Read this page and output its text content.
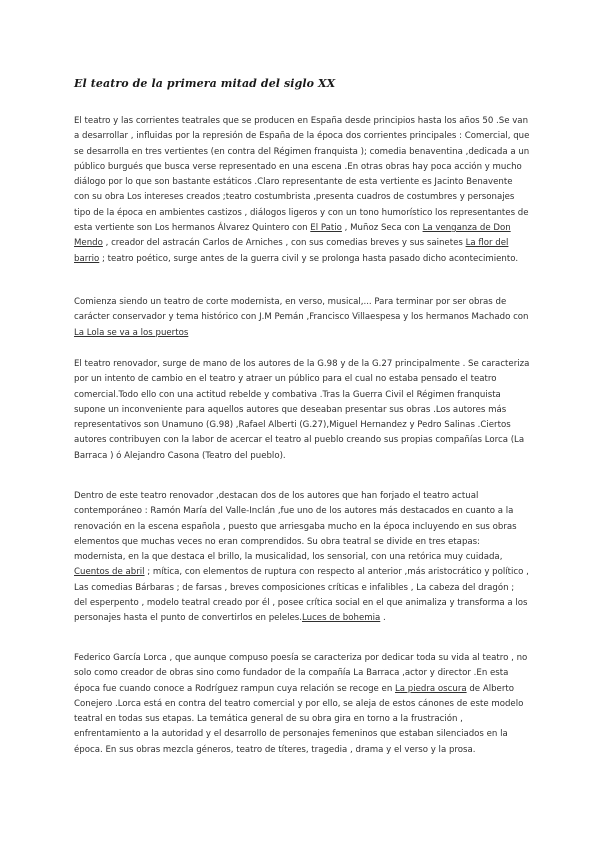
El teatro de la primera mitad del siglo XX

El teatro y las corrientes teatrales que se producen en España desde principios hasta los años 50 .Se van a desarrollar , influidas por la represión de España de la época dos corrientes principales : Comercial, que se desarrolla en tres vertientes (en contra del Régimen franquista ); comedia benaventina ,dedicada a un público burgués que busca verse representado en una escena .En otras obras hay poca acción y mucho diálogo por lo que son bastante estáticos .Claro representante de esta vertiente es Jacinto Benavente con su obra Los intereses creados ;teatro costumbrista ,presenta cuadros de costumbres y personajes tipo de la época en ambientes castizos , diálogos ligeros y con un tono humorístico los representantes de esta vertiente son Los hermanos Álvarez Quintero con El Patio , Muñoz Seca con La venganza de Don Mendo , creador del astracán Carlos de Arniches , con sus comedias breves y sus sainetes La flor del barrio ; teatro poético, surge antes de la guerra civil y se prolonga hasta pasado dicho acontecimiento.

Comienza siendo un teatro de corte modernista, en verso, musical,... Para terminar por ser obras de carácter conservador y tema histórico con J.M Pemán ,Francisco Villaespesa y los hermanos Machado con La Lola se va a los puertos

El teatro renovador, surge de mano de los autores de la G.98 y de la G.27 principalmente . Se caracteriza por un intento de cambio en el teatro y atraer un público para el cual no estaba pensado el teatro comercial.Todo ello con una actitud rebelde y combativa .Tras la Guerra Civil el Régimen franquista supone un inconveniente para aquellos autores que deseaban presentar sus obras .Los autores más representativos son Unamuno (G.98) ,Rafael Alberti (G.27),Miguel Hernandez y Pedro Salinas .Ciertos autores contribuyen con la labor de acercar el teatro al pueblo creando sus propias compañías Lorca (La Barraca ) ó Alejandro Casona (Teatro del pueblo).

Dentro de este teatro renovador ,destacan dos de los autores que han forjado el teatro actual contemporáneo : Ramón María del Valle-Inclán ,fue uno de los autores más destacados en cuanto a la renovación en la escena española , puesto que arriesgaba mucho en la época incluyendo en sus obras elementos que muchas veces no eran comprendidos. Su obra teatral se divide en tres etapas: modernista, en la que destaca el brillo, la musicalidad, los sensorial, con una retórica muy cuidada, Cuentos de abril ; mítica, con elementos de ruptura con respecto al anterior ,más aristocrático y político , Las comedias Bárbaras ; de farsas , breves composiciones críticas e infalibles , La cabeza del dragón ; del esperpento , modelo teatral creado por él , posee crítica social en el que animaliza y transforma a los personajes hasta el punto de convertirlos en peleles.Luces de bohemia .

Federico García Lorca , que aunque compuso poesía se caracteriza por dedicar toda su vida al teatro , no solo como creador de obras sino como fundador de la compañía La Barraca ,actor y director .En esta época fue cuando conoce a Rodríguez rampun cuya relación se recoge en La piedra oscura de Alberto Conejero .Lorca está en contra del teatro comercial y por ello, se aleja de estos cánones de este modelo teatral en todas sus etapas. La temática general de su obra gira en torno a la frustración , enfrentamiento a la autoridad y el desarrollo de personajes femeninos que estaban silenciados en la época. En sus obras mezcla géneros, teatro de títeres, tragedia , drama y el verso y la prosa.
